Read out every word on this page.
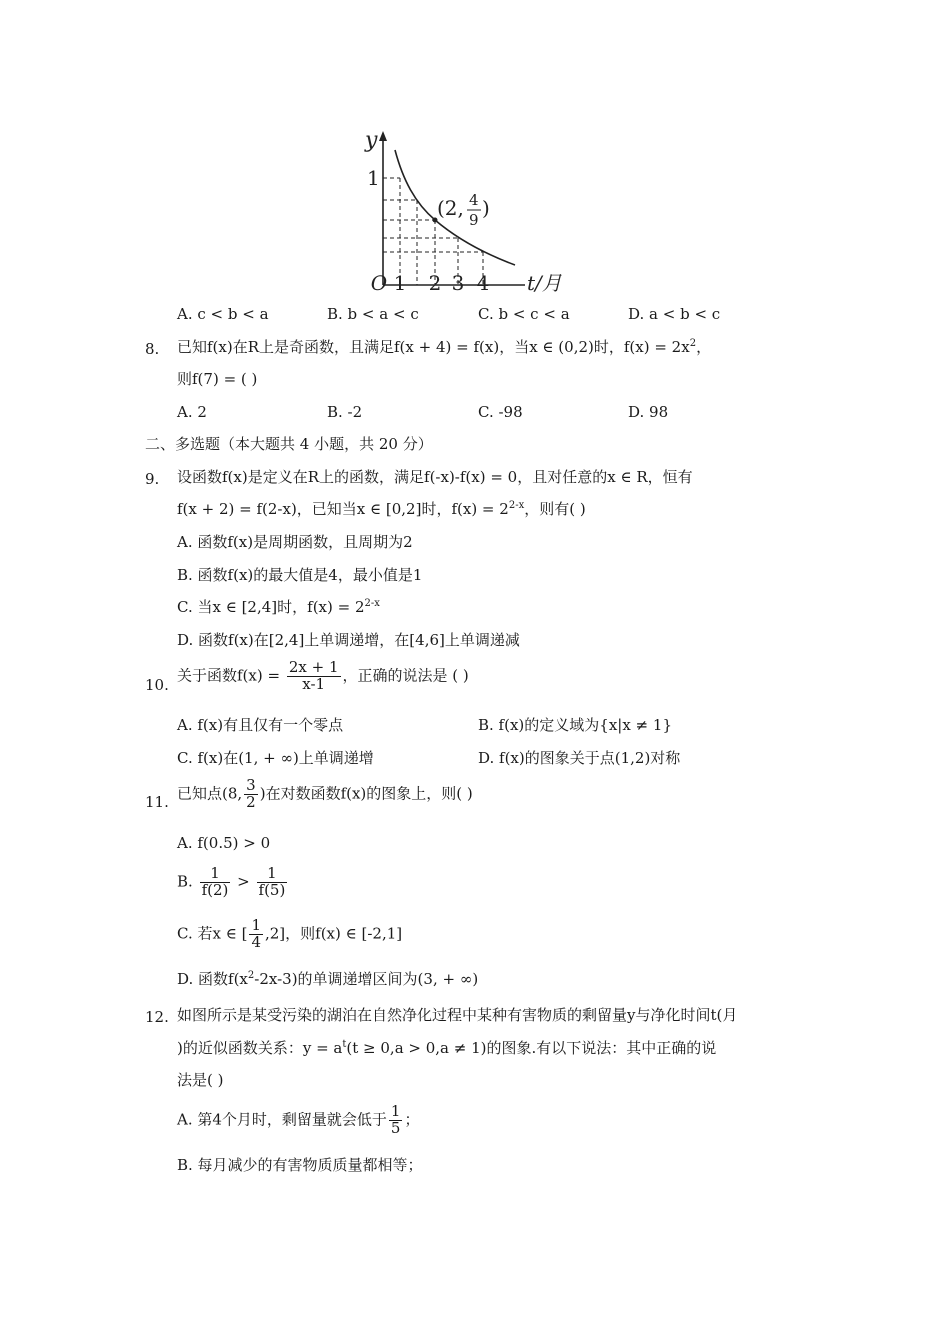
y
1
(2, 4
9 )
O 1 2 3 4 t/月
A. c < b < a	B. b < a < c	C. b < c < a	D. a < b < c
8. 已知f(x)在R上是奇函数，且满足f(x + 4) = f(x)，当x ∈ (0,2)时，$f(x) = 2x^2$，
则f(7) = ( )
A. 2	B. -2	C. -98	D. 98
二、多选题（本大题共 4 小题，共 20 分）
9. 设函数f(x)是定义在R上的函数，满足f(-x)-f(x) = 0，且对任意的x ∈ R，恒有
f(x + 2) = f(2-x)，已知当x ∈ [0,2]时，$f(x) = 2^{2-x}$，则有( )
A. 函数f(x)是周期函数，且周期为2
B. 函数f(x)的最大值是4，最小值是1
C. 当x ∈ [2,4]时，$f(x) = 2^{2-x}$
D. 函数f(x)在[2,4]上单调递增，在[4,6]上单调递减
10.
关于函数$f(x) = \frac{2x + 1}{x-1}$ ，正确的说法是 ( )
A. f(x)有且仅有一个零点	B. f(x)的定义域为{x|x ≠ 1}
C. f(x)在(1, + ∞)上单调递增	D. f(x)的图象关于点(1,2)对称
11. 已知点(8, $\frac{3}{2}$ )在对数函数f(x)的图象上，则( )
A. f(0.5) > 0
B. $\frac{1}{f(2)} > \frac{1}{f(5)}$
C. 若x ∈ [ $\frac{1}{4} ,2$]，则f(x) ∈ [-2,1]
D. 函数$f(x^2-2x-3)$的单调递增区间为(3, + ∞)
12. 如图所示是某受污染的湖泊在自然净化过程中某种有害物质的剩留量y与净化时间t(月
)的近似函数关系：$y = a^t(t \ge 0,a > 0,a \ne 1)$的图象.有以下说法：其中正确的说
法是( )
A. 第4个月时，剩留量就会低于 $\frac{1}{5}$ ；
B. 每月减少的有害物质质量都相等；
